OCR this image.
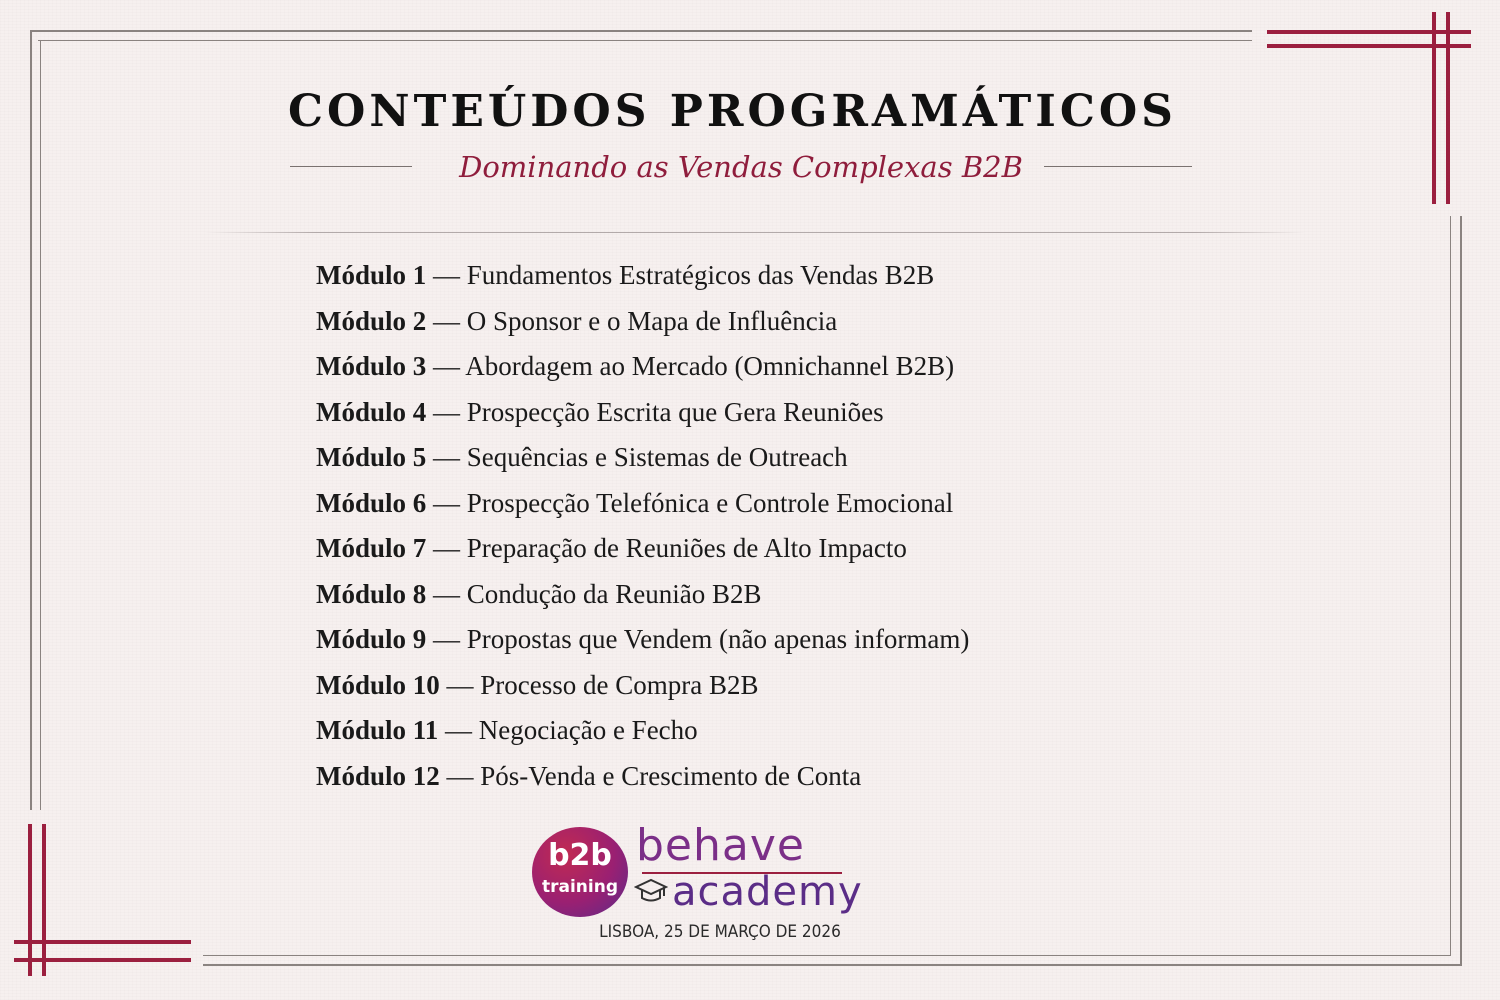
CONTEÚDOS PROGRAMÁTICOS
Dominando as Vendas Complexas B2B
Módulo 1 — Fundamentos Estratégicos das Vendas B2B
Módulo 2 — O Sponsor e o Mapa de Influência
Módulo 3 — Abordagem ao Mercado (Omnichannel B2B)
Módulo 4 — Prospecção Escrita que Gera Reuniões
Módulo 5 — Sequências e Sistemas de Outreach
Módulo 6 — Prospecção Telefónica e Controle Emocional
Módulo 7 — Preparação de Reuniões de Alto Impacto
Módulo 8 — Condução da Reunião B2B
Módulo 9 — Propostas que Vendem (não apenas informam)
Módulo 10 — Processo de Compra B2B
Módulo 11 — Negociação e Fecho
Módulo 12 — Pós-Venda e Crescimento de Conta
b2b
training
behave
academy
LISBOA, 25 DE MARÇO DE 2026
